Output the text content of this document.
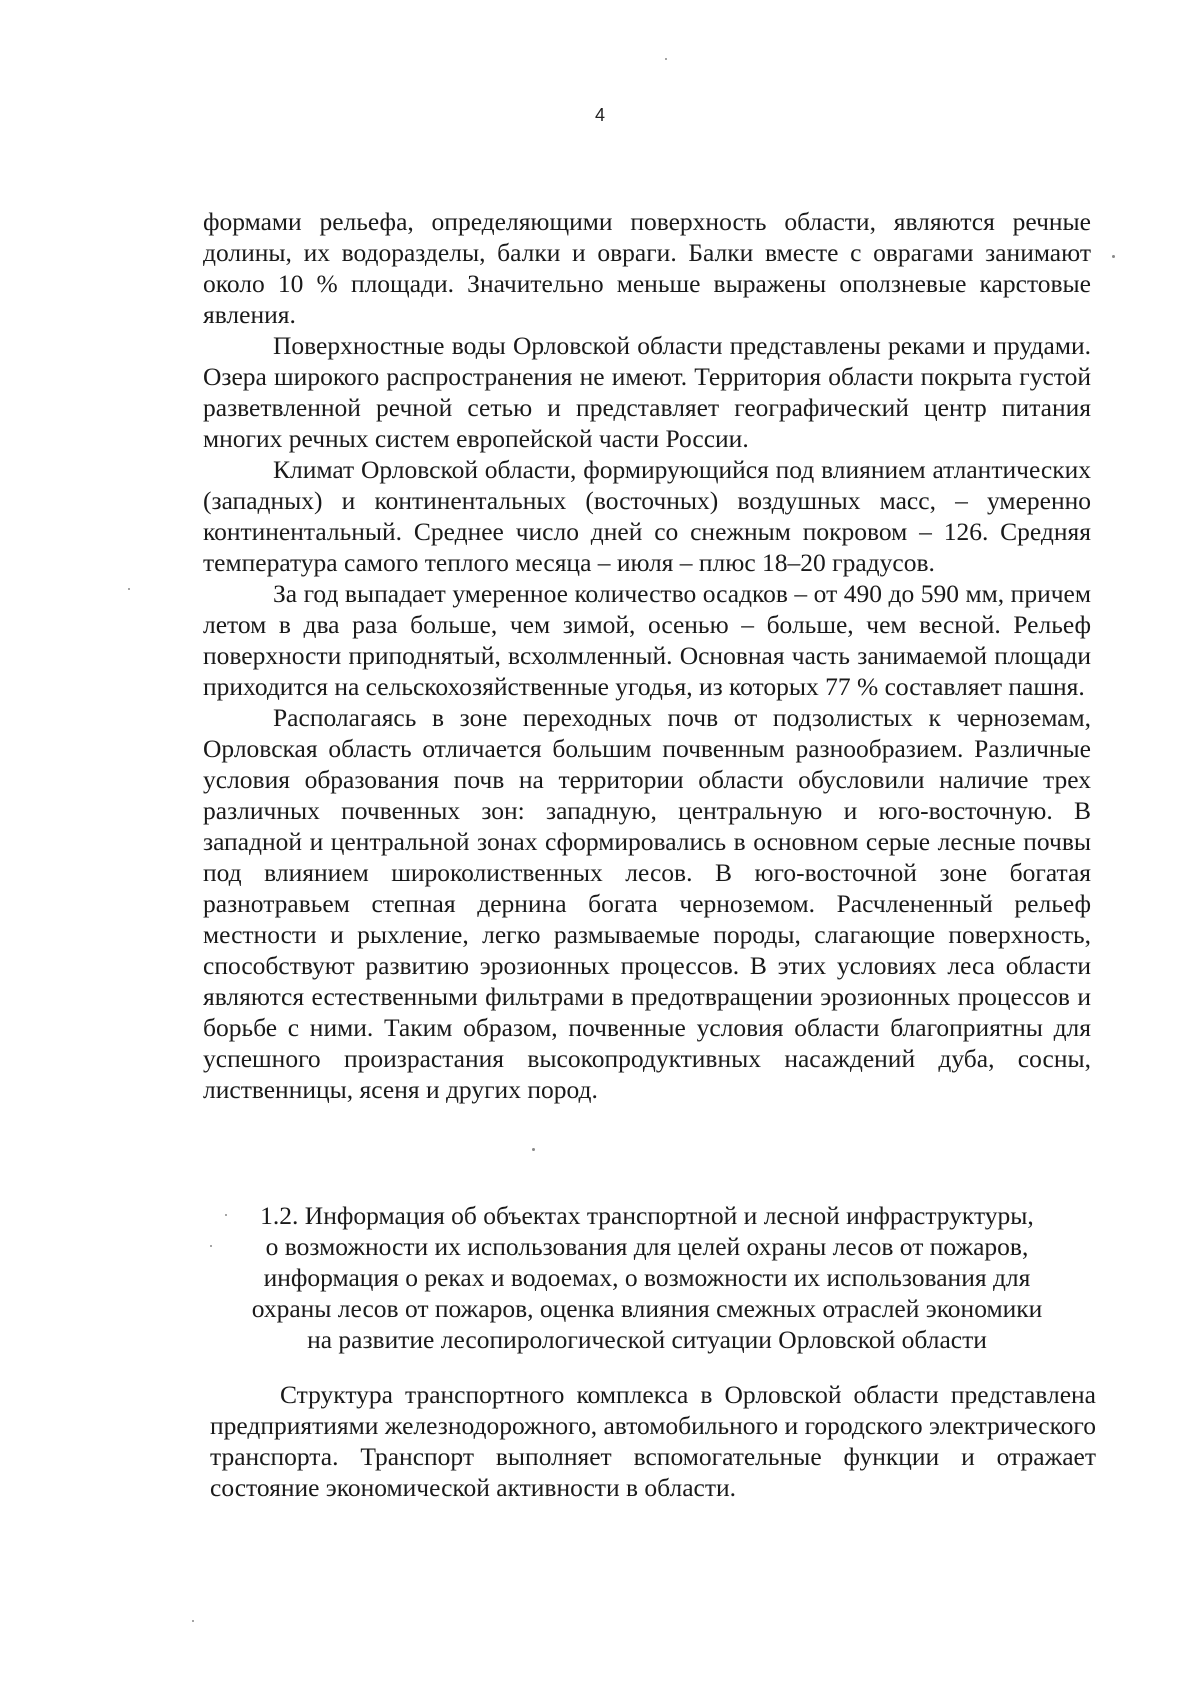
4

формами рельефа, определяющими поверхность области, являются речные долины, их водоразделы, балки и овраги. Балки вместе с оврагами занимают около 10 % площади. Значительно меньше выражены оползневые карстовые явления.

Поверхностные воды Орловской области представлены реками и прудами. Озера широкого распространения не имеют. Территория области покрыта густой разветвленной речной сетью и представляет географический центр питания многих речных систем европейской части России.

Климат Орловской области, формирующийся под влиянием атлантических (западных) и континентальных (восточных) воздушных масс, – умеренно континентальный. Среднее число дней со снежным покровом – 126. Средняя температура самого теплого месяца – июля – плюс 18–20 градусов.

За год выпадает умеренное количество осадков – от 490 до 590 мм, причем летом в два раза больше, чем зимой, осенью – больше, чем весной. Рельеф поверхности приподнятый, всхолмленный. Основная часть занимаемой площади приходится на сельскохозяйственные угодья, из которых 77 % составляет пашня.

Располагаясь в зоне переходных почв от подзолистых к черноземам, Орловская область отличается большим почвенным разнообразием. Различные условия образования почв на территории области обусловили наличие трех различных почвенных зон: западную, центральную и юго-восточную. В западной и центральной зонах сформировались в основном серые лесные почвы под влиянием широколиственных лесов. В юго-восточной зоне богатая разнотравьем степная дернина богата черноземом. Расчлененный рельеф местности и рыхление, легко размываемые породы, слагающие поверхность, способствуют развитию эрозионных процессов. В этих условиях леса области являются естественными фильтрами в предотвращении эрозионных процессов и борьбе с ними. Таким образом, почвенные условия области благоприятны для успешного произрастания высокопродуктивных насаждений дуба, сосны, лиственницы, ясеня и других пород.

1.2. Информация об объектах транспортной и лесной инфраструктуры,

о возможности их использования для целей охраны лесов от пожаров,

информация о реках и водоемах, о возможности их использования для

охраны лесов от пожаров, оценка влияния смежных отраслей экономики

на развитие лесопирологической ситуации Орловской области

Структура транспортного комплекса в Орловской области представлена предприятиями железнодорожного, автомобильного и городского электрического транспорта. Транспорт выполняет вспомогательные функции и отражает состояние экономической активности в области.
